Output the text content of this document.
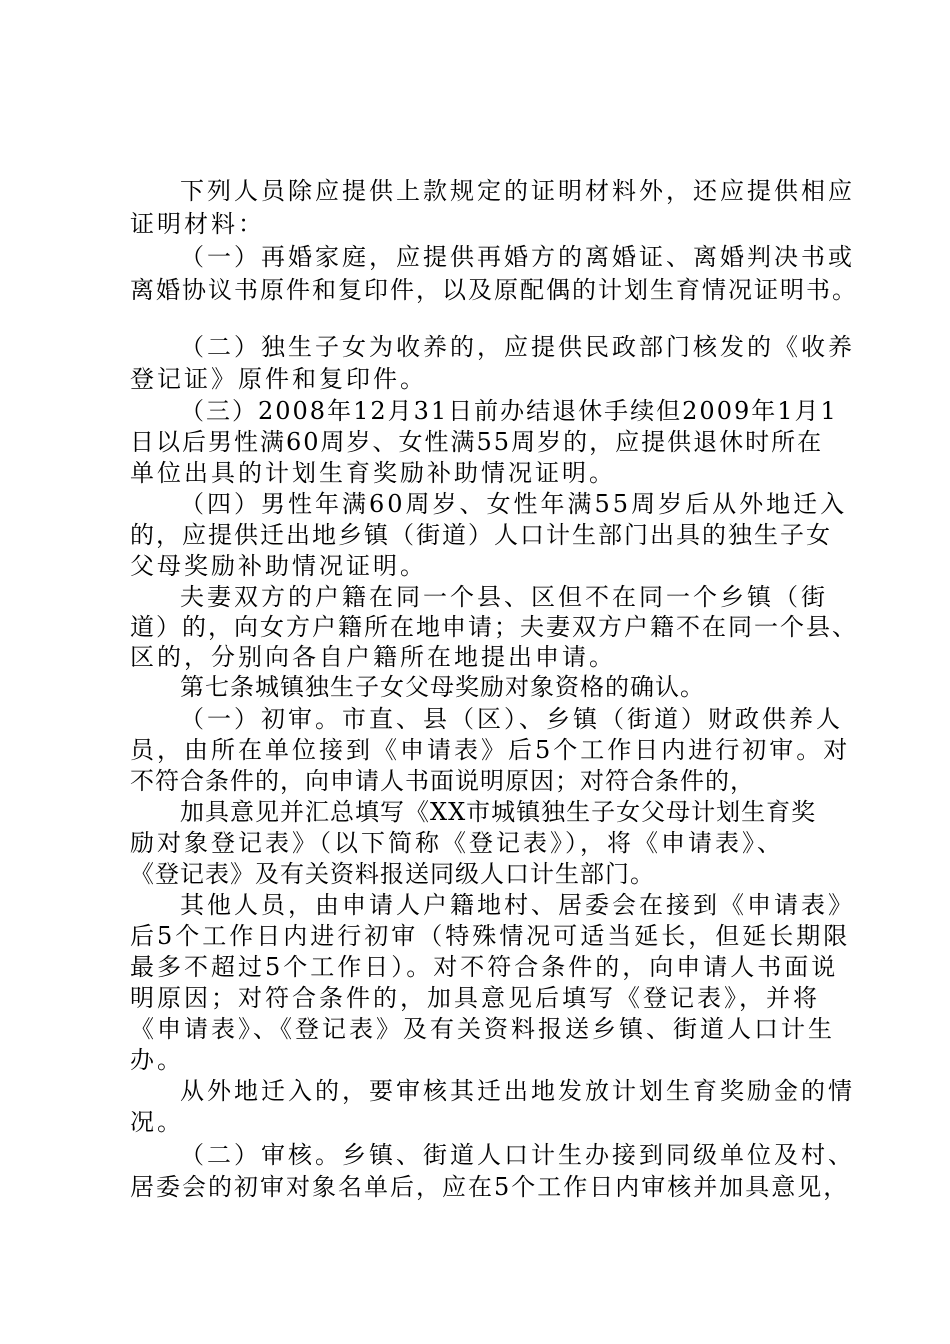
下列人员除应提供上款规定的证明材料外，还应提供相应
证明材料：
（一）再婚家庭，应提供再婚方的离婚证、离婚判决书或
离婚协议书原件和复印件，以及原配偶的计划生育情况证明书。
（二）独生子女为收养的，应提供民政部门核发的《收养
登记证》原件和复印件。
（三）2008年12月31日前办结退休手续但2009年1月1
日以后男性满60周岁、女性满55周岁的，应提供退休时所在
单位出具的计划生育奖励补助情况证明。
（四）男性年满60周岁、女性年满55周岁后从外地迁入
的，应提供迁出地乡镇（街道）人口计生部门出具的独生子女
父母奖励补助情况证明。
夫妻双方的户籍在同一个县、区但不在同一个乡镇（街
道）的，向女方户籍所在地申请；夫妻双方户籍不在同一个县、
区的，分别向各自户籍所在地提出申请。
第七条城镇独生子女父母奖励对象资格的确认。
（一）初审。市直、县（区）、乡镇（街道）财政供养人
员，由所在单位接到《申请表》后5个工作日内进行初审。对
不符合条件的，向申请人书面说明原因；对符合条件的，
加具意见并汇总填写《XX市城镇独生子女父母计划生育奖
励对象登记表》（以下简称《登记表》），将《申请表》、
《登记表》及有关资料报送同级人口计生部门。
其他人员，由申请人户籍地村、居委会在接到《申请表》
后5个工作日内进行初审（特殊情况可适当延长，但延长期限
最多不超过5个工作日）。对不符合条件的，向申请人书面说
明原因；对符合条件的，加具意见后填写《登记表》，并将
《申请表》、《登记表》及有关资料报送乡镇、街道人口计生
办。
从外地迁入的，要审核其迁出地发放计划生育奖励金的情
况。
（二）审核。乡镇、街道人口计生办接到同级单位及村、
居委会的初审对象名单后，应在5个工作日内审核并加具意见，
